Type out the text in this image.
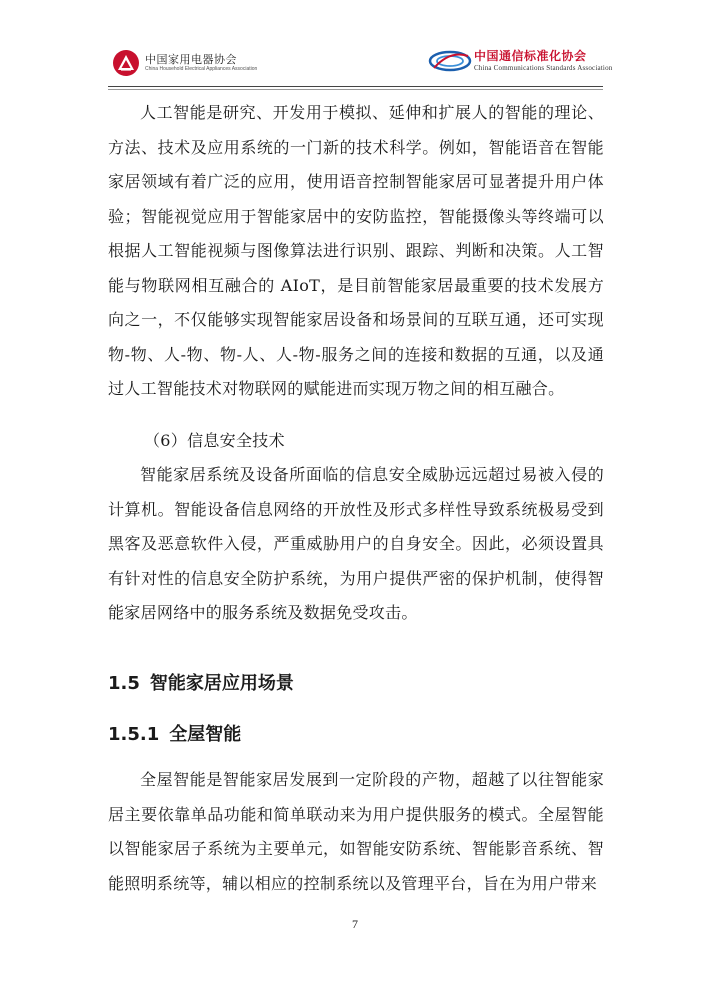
中国家用电器协会
China Household Electrical Appliances Association
中国通信标准化协会
China Communications Standards Association

人工智能是研究、开发用于模拟、延伸和扩展人的智能的理论、方法、技术及应用系统的一门新的技术科学。例如，智能语音在智能家居领域有着广泛的应用，使用语音控制智能家居可显著提升用户体验；智能视觉应用于智能家居中的安防监控，智能摄像头等终端可以根据人工智能视频与图像算法进行识别、跟踪、判断和决策。人工智能与物联网相互融合的 AIoT，是目前智能家居最重要的技术发展方向之一，不仅能够实现智能家居设备和场景间的互联互通，还可实现物-物、人-物、物-人、人-物-服务之间的连接和数据的互通，以及通过人工智能技术对物联网的赋能进而实现万物之间的相互融合。

（6）信息安全技术

智能家居系统及设备所面临的信息安全威胁远远超过易被入侵的计算机。智能设备信息网络的开放性及形式多样性导致系统极易受到黑客及恶意软件入侵，严重威胁用户的自身安全。因此，必须设置具有针对性的信息安全防护系统，为用户提供严密的保护机制，使得智能家居网络中的服务系统及数据免受攻击。

1.5 智能家居应用场景
1.5.1 全屋智能

全屋智能是智能家居发展到一定阶段的产物，超越了以往智能家居主要依靠单品功能和简单联动来为用户提供服务的模式。全屋智能以智能家居子系统为主要单元，如智能安防系统、智能影音系统、智能照明系统等，辅以相应的控制系统以及管理平台，旨在为用户带来

7
